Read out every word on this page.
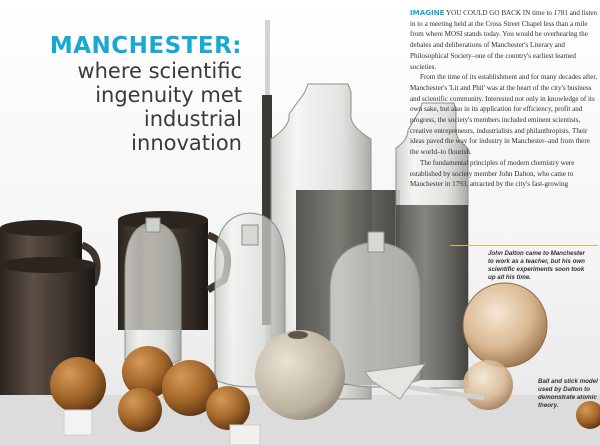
MANCHESTER:
where scientific
ingenuity met
industrial
innovation

IMAGINE YOU COULD GO BACK IN time to 1781 and listen in to a meeting held at the Cross Street Chapel less than a mile from where MOSI stands today. You would be overhearing the debates and deliberations of Manchester's Literary and Philosophical Society–one of the country's earliest learned societies.

From the time of its establishment and for many decades after, Manchester's 'Lit and Phil' was at the heart of the city's business and scientific community. Interested not only in knowledge of its own sake, but also in its application for efficiency, profit and progress, the society's members included eminent scientists, creative entrepreneurs, industrialists and philanthropists. Their ideas paved the way for industry in Manchester–and from there the world–to flourish.

The fundamental principles of modern chemistry were established by society member John Dalton, who came to Manchester in 1793, attracted by the city's fast-growing

John Dalton came to Manchester to work as a teacher, but his own scientific experiments soon took up all his time.
Ball and stick model used by Dalton to demonstrate atomic theory.
